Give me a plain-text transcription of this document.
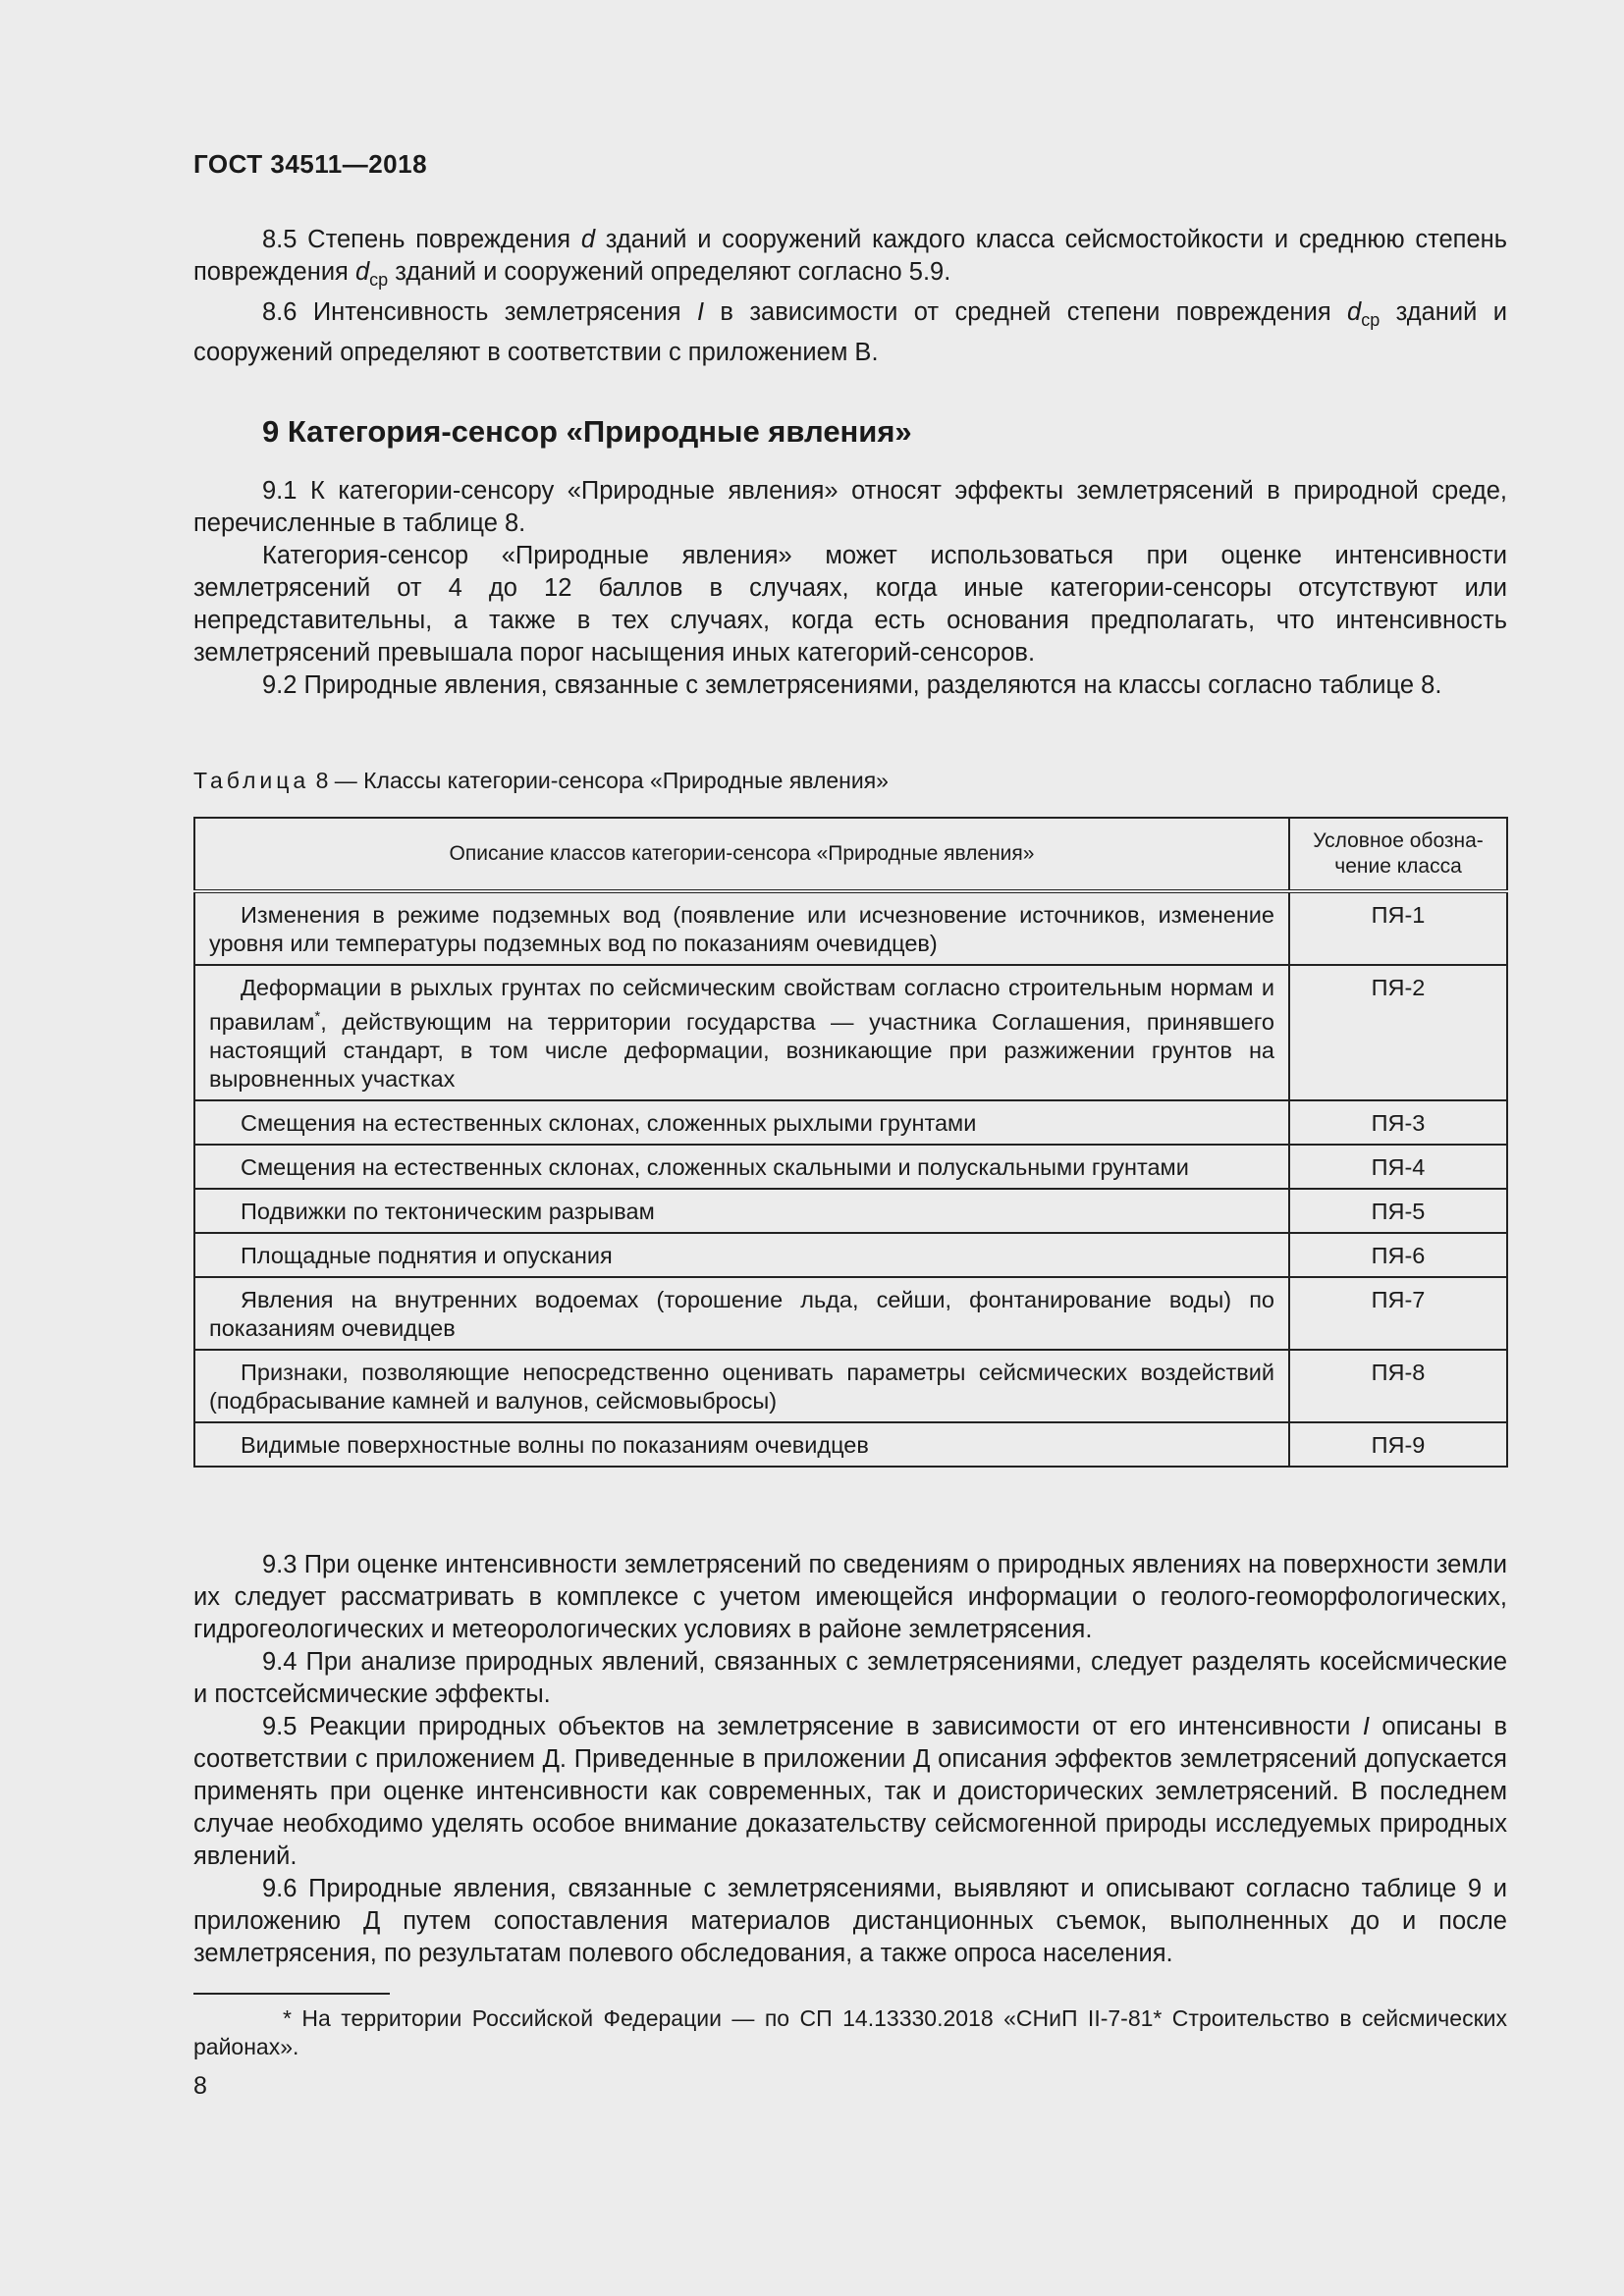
ГОСТ 34511—2018

8.5 Степень повреждения d зданий и сооружений каждого класса сейсмостойкости и среднюю степень повреждения $d_{ср}$ зданий и сооружений определяют согласно 5.9.

8.6 Интенсивность землетрясения I в зависимости от средней степени повреждения $d_{ср}$ зданий и сооружений определяют в соответствии с приложением В.

9 Категория-сенсор «Природные явления»

9.1 К категории-сенсору «Природные явления» относят эффекты землетрясений в природной среде, перечисленные в таблице 8.

Категория-сенсор «Природные явления» может использоваться при оценке интенсивности землетрясений от 4 до 12 баллов в случаях, когда иные категории-сенсоры отсутствуют или непредставительны, а также в тех случаях, когда есть основания предполагать, что интенсивность землетрясений превышала порог насыщения иных категорий-сенсоров.

9.2 Природные явления, связанные с землетрясениями, разделяются на классы согласно таблице 8.

Таблица 8 — Классы категории-сенсора «Природные явления»
Описание классов категории-сенсора «Природные явления»	Условное обозна-чение класса
Изменения в режиме подземных вод (появление или исчезновение источников, изменение уровня или температуры подземных вод по показаниям очевидцев)	ПЯ-1
Деформации в рыхлых грунтах по сейсмическим свойствам согласно строительным нормам и правилам*, действующим на территории государства — участника Соглашения, принявшего настоящий стандарт, в том числе деформации, возникающие при разжижении грунтов на выровненных участках	ПЯ-2
Смещения на естественных склонах, сложенных рыхлыми грунтами	ПЯ-3
Смещения на естественных склонах, сложенных скальными и полускальными грунтами	ПЯ-4
Подвижки по тектоническим разрывам	ПЯ-5
Площадные поднятия и опускания	ПЯ-6
Явления на внутренних водоемах (торошение льда, сейши, фонтанирование воды) по показаниям очевидцев	ПЯ-7
Признаки, позволяющие непосредственно оценивать параметры сейсмических воздействий (подбрасывание камней и валунов, сейсмовыбросы)	ПЯ-8
Видимые поверхностные волны по показаниям очевидцев	ПЯ-9

9.3 При оценке интенсивности землетрясений по сведениям о природных явлениях на поверхности земли их следует рассматривать в комплексе с учетом имеющейся информации о геолого-геоморфологических, гидрогеологических и метеорологических условиях в районе землетрясения.

9.4 При анализе природных явлений, связанных с землетрясениями, следует разделять косейсмические и постсейсмические эффекты.

9.5 Реакции природных объектов на землетрясение в зависимости от его интенсивности I описаны в соответствии с приложением Д. Приведенные в приложении Д описания эффектов землетрясений допускается применять при оценке интенсивности как современных, так и доисторических землетрясений. В последнем случае необходимо уделять особое внимание доказательству сейсмогенной природы исследуемых природных явлений.

9.6 Природные явления, связанные с землетрясениями, выявляют и описывают согласно таблице 9 и приложению Д путем сопоставления материалов дистанционных съемок, выполненных до и после землетрясения, по результатам полевого обследования, а также опроса населения.

* На территории Российской Федерации — по СП 14.13330.2018 «СНиП II-7-81* Строительство в сейсмических районах».
8
